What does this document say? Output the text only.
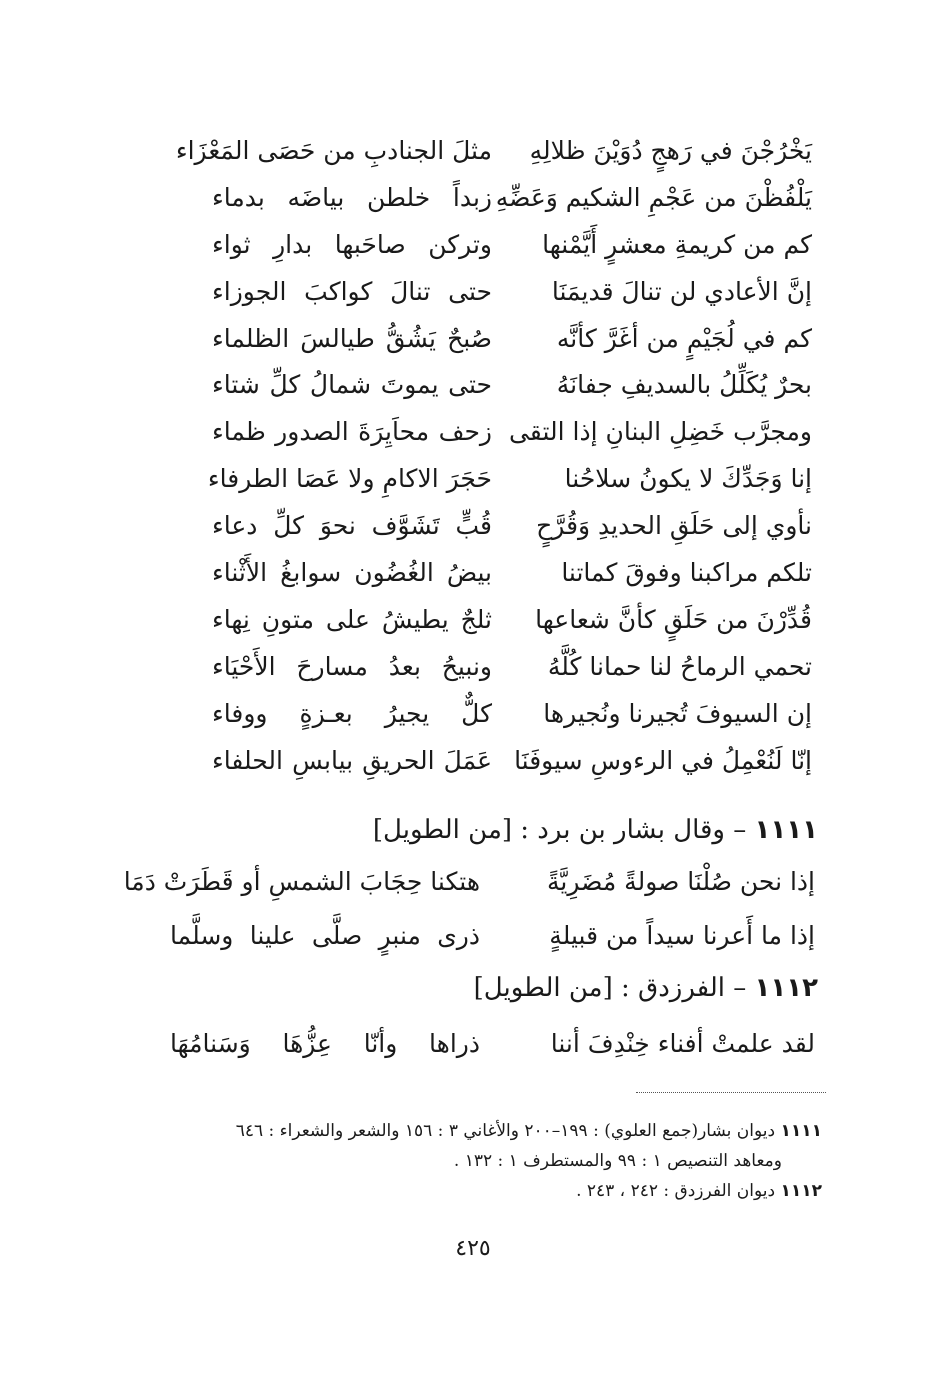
يَخْرُجْنَ في رَهجٍ دُوَيْنَ ظلالِهِ
مثلَ الجنادبِ من حَصَى المَعْزَاء
يَلْفُظْنَ من عَجْمِ الشكيم وَعَضِّهِ
زبداً خلطن بياضَه بدماء
كم من كريمةِ معشرٍ أَيَّمْنها
وتركن صاحَبها بدارِ ثواء
إنَّ الأعادي لن تنالَ قديمَنَا
حتى تنالَ كواكبَ الجوزاء
كم في لُجَيْمٍ من أغَرَّ كأنَّه
صُبحٌ يَشُقُّ طيالسَ الظلماء
بحرٌ يُكَلِّلُ بالسديفِ جفانَهُ
حتى يموتَ شمالُ كلِّ شتاء
ومجرَّب خَضِلِ البنانِ إذا التقى
زحف محاَيِرَةَ الصدور ظماء
إنا وَجَدِّكَ لا يكونُ سلاحُنا
حَجَرَ الاكامِ ولا عَصَا الطرفاء
نأوي إلى حَلَقِ الحديدِ وَقُرَّحٍ
قُبٍّ تَشَوَّف نحوَ كلِّ دعاء
تلكم مراكبنا وفوقَ كماتنا
بيضُ الغُضُون سوابغُ الأَثْناء
قُدِّرْنَ من حَلَقٍ كأنَّ شعاعها
ثلجٌ يطيشُ على متونِ نِهاء
تحمي الرماحُ لنا حمانا كُلَّهُ
ونبيحُ بعدُ مسارحَ الأَحْيَاء
إن السيوفَ تُجيرنا ونُجيرها
كلٌّ يجيرُ بعـزةٍ ووفاء
إنّا لَنُعْمِلُ في الرءوسِ سيوفَنَا
عَمَلَ الحريقِ بيابسِ الحلفاء
١١١١ – وقال بشار بن برد : [من الطويل]
إذا نحن صُلْنَا صولةً مُضَرِيَّةً
هتكنا حِجَابَ الشمسِ أو قَطَرَتْ دَمَا
إذا ما أَعرنا سيداً من قبيلةٍ
ذرى منبرٍ صلَّى علينا وسلَّما
١١١٢ – الفرزدق : [من الطويل]
لقد علمتْ أفناء خِنْدِفَ أننا
ذراها وأنّا عِزُّهَا وَسَنامُهَا
١١١١ ديوان بشار(جمع العلوي) : ١٩٩–٢٠٠ والأغاني ٣ : ١٥٦ والشعر والشعراء : ٦٤٦
ومعاهد التنصيص ١ : ٩٩ والمستطرف ١ : ١٣٢ .
١١١٢ ديوان الفرزدق : ٢٤٢ ، ٢٤٣ .
٤٢٥
